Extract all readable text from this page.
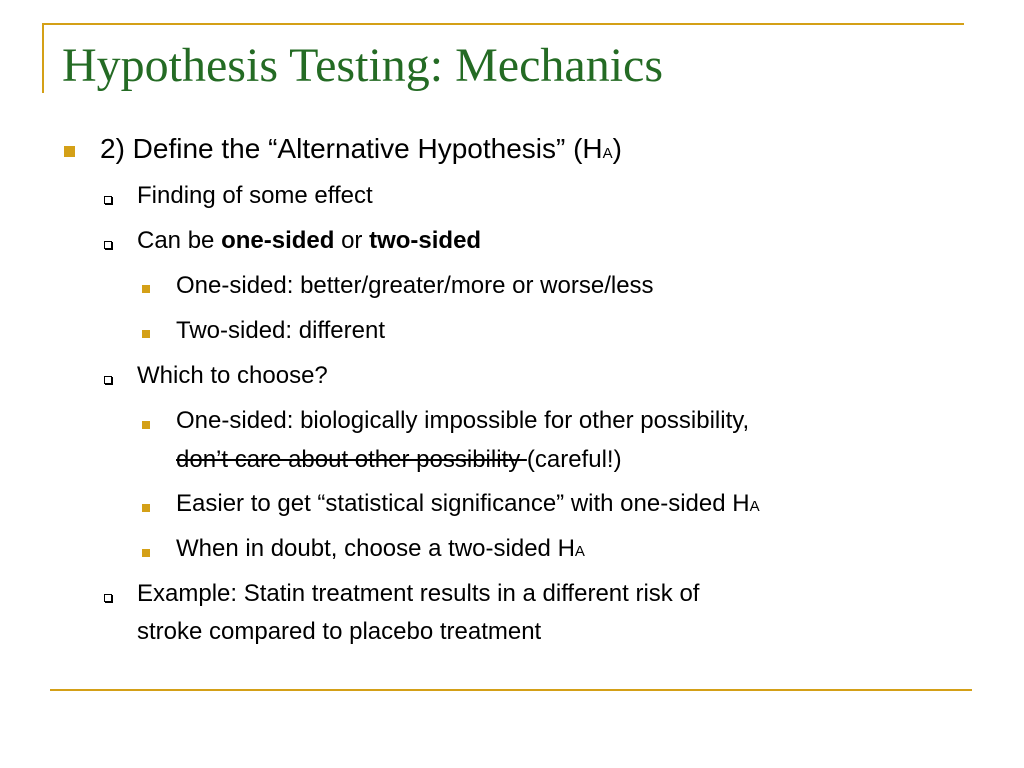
Hypothesis Testing: Mechanics
2) Define the “Alternative Hypothesis” (HA)
Finding of some effect
Can be one-sided or two-sided
One-sided: better/greater/more or worse/less
Two-sided: different
Which to choose?
One-sided: biologically impossible for other possibility,
don’t care about other possibility (careful!)
Easier to get “statistical significance” with one-sided HA
When in doubt, choose a two-sided HA
Example: Statin treatment results in a different risk of
stroke compared to placebo treatment
